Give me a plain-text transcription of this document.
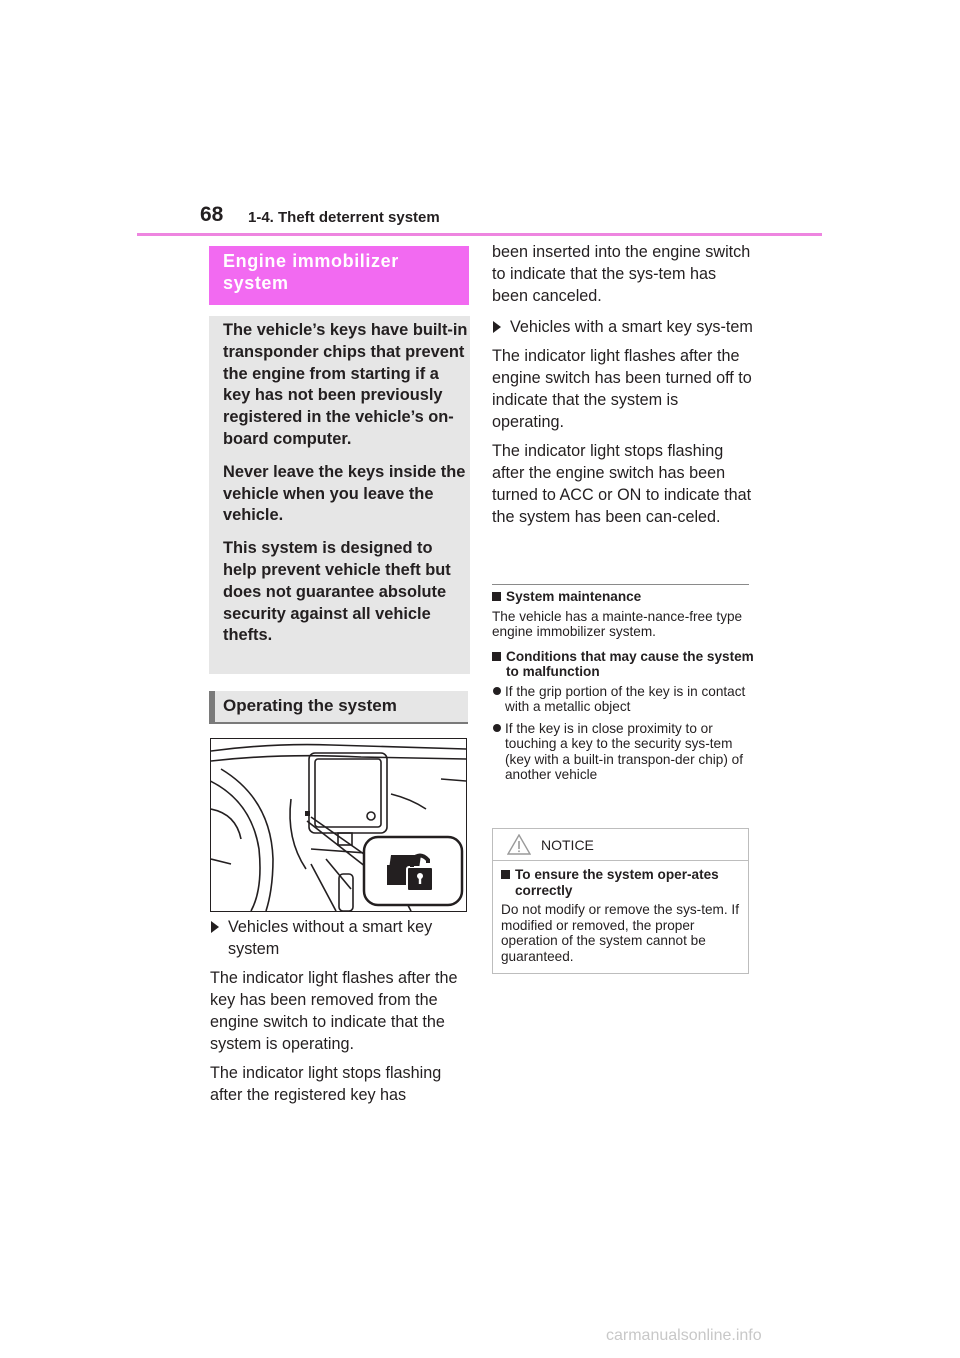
68 1-4. Theft deterrent system
Engine immobilizer system

The vehicle’s keys have built-in transponder chips that prevent the engine from starting if a key has not been previously registered in the vehicle’s on-board computer.

Never leave the keys inside the vehicle when you leave the vehicle.

This system is designed to help prevent vehicle theft but does not guarantee absolute security against all vehicle thefts.

Operating the system
Vehicles without a smart key system

The indicator light flashes after the key has been removed from the engine switch to indicate that the system is operating.

The indicator light stops flashing after the registered key has

been inserted into the engine switch to indicate that the sys-tem has been canceled.

Vehicles with a smart key sys-tem

The indicator light flashes after the engine switch has been turned off to indicate that the system is operating.

The indicator light stops flashing after the engine switch has been turned to ACC or ON to indicate that the system has been can-celed.

System maintenance

The vehicle has a mainte-nance-free type engine immobilizer system.

Conditions that may cause the system to malfunction

If the grip portion of the key is in contact with a metallic object

If the key is in close proximity to or touching a key to the security sys-tem (key with a built-in transpon-der chip) of another vehicle

NOTICE

To ensure the system oper-ates correctly

Do not modify or remove the sys-tem. If modified or removed, the proper operation of the system cannot be guaranteed.

carmanualsonline.info
